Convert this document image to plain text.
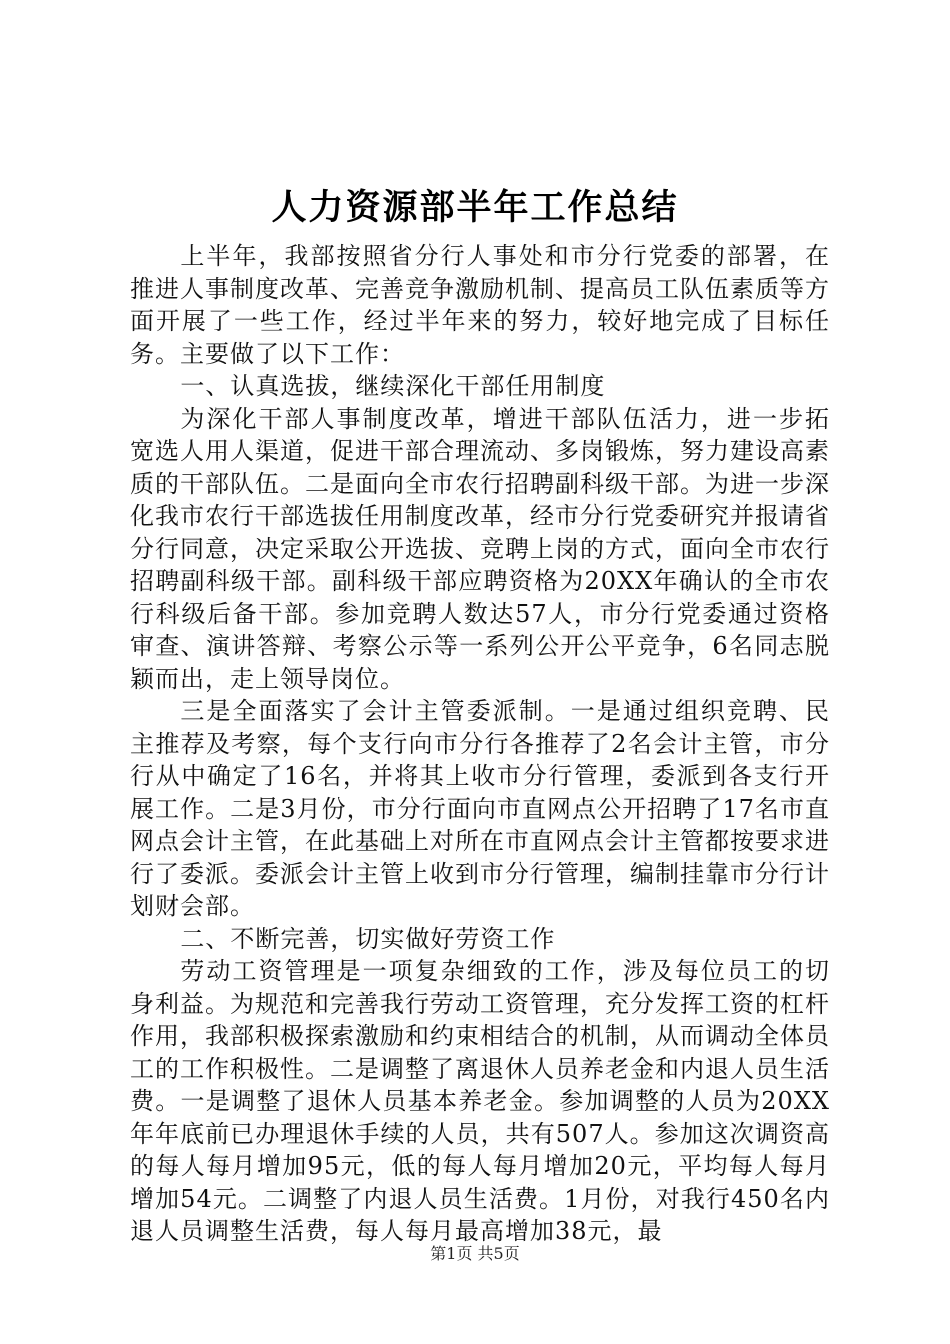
人力资源部半年工作总结

上半年，我部按照省分行人事处和市分行党委的部署，在推进人事制度改革、完善竞争激励机制、提高员工队伍素质等方面开展了一些工作，经过半年来的努力，较好地完成了目标任务。主要做了以下工作：

一、认真选拔，继续深化干部任用制度

为深化干部人事制度改革，增进干部队伍活力，进一步拓宽选人用人渠道，促进干部合理流动、多岗锻炼，努力建设高素质的干部队伍。二是面向全市农行招聘副科级干部。为进一步深化我市农行干部选拔任用制度改革，经市分行党委研究并报请省分行同意，决定采取公开选拔、竞聘上岗的方式，面向全市农行招聘副科级干部。副科级干部应聘资格为20XX年确认的全市农行科级后备干部。参加竞聘人数达57人，市分行党委通过资格审查、演讲答辩、考察公示等一系列公开公平竞争，6名同志脱颖而出，走上领导岗位。

三是全面落实了会计主管委派制。一是通过组织竞聘、民主推荐及考察，每个支行向市分行各推荐了2名会计主管，市分行从中确定了16名，并将其上收市分行管理，委派到各支行开展工作。二是3月份，市分行面向市直网点公开招聘了17名市直网点会计主管，在此基础上对所在市直网点会计主管都按要求进行了委派。委派会计主管上收到市分行管理，编制挂靠市分行计划财会部。

二、不断完善，切实做好劳资工作

劳动工资管理是一项复杂细致的工作，涉及每位员工的切身利益。为规范和完善我行劳动工资管理，充分发挥工资的杠杆作用，我部积极探索激励和约束相结合的机制，从而调动全体员工的工作积极性。二是调整了离退休人员养老金和内退人员生活费。一是调整了退休人员基本养老金。参加调整的人员为20XX年年底前已办理退休手续的人员，共有507人。参加这次调资高的每人每月增加95元，低的每人每月增加20元，平均每人每月增加54元。二调整了内退人员生活费。1月份，对我行450名内退人员调整生活费，每人每月最高增加38元，最

第1页 共5页
